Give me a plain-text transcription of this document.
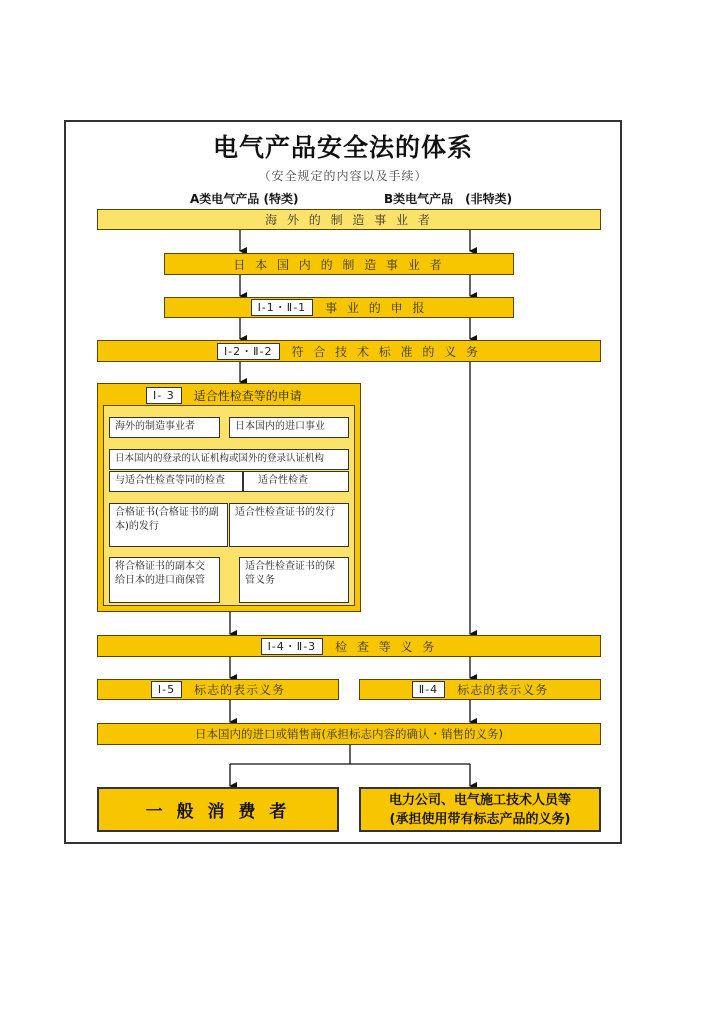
电气产品安全法的体系
（安全规定的内容以及手续）
A类电气产品 (特类)	B类电气产品　(非特类)
海 外 的 制 造 事 业 者
日 本 国 内 的 制 造 事 业 者
Ⅰ-1・Ⅱ-1	事 业 的 申 报
Ⅰ-2・Ⅱ-2	符 合 技 术 标 准 的 义 务
Ⅰ- 3	适合性检查等的申请
海外的制造事业者	日本国内的进口事业
日本国内的登录的认证机构或国外的登录认证机构
与适合性检查等同的检查	适合性检查
合格证书(合格证书的副本)的发行
适合性检查证书的发行
将合格证书的副本交给日本的进口商保管
适合性检查证书的保管义务
Ⅰ-4・Ⅱ-3	检 查 等 义 务
Ⅰ-5	标志的表示义务	Ⅱ-4	标志的表示义务
日本国内的进口或销售商(承担标志内容的确认・销售的义务)
一 般 消 费 者
电力公司、电气施工技术人员等
(承担使用带有标志产品的义务)
